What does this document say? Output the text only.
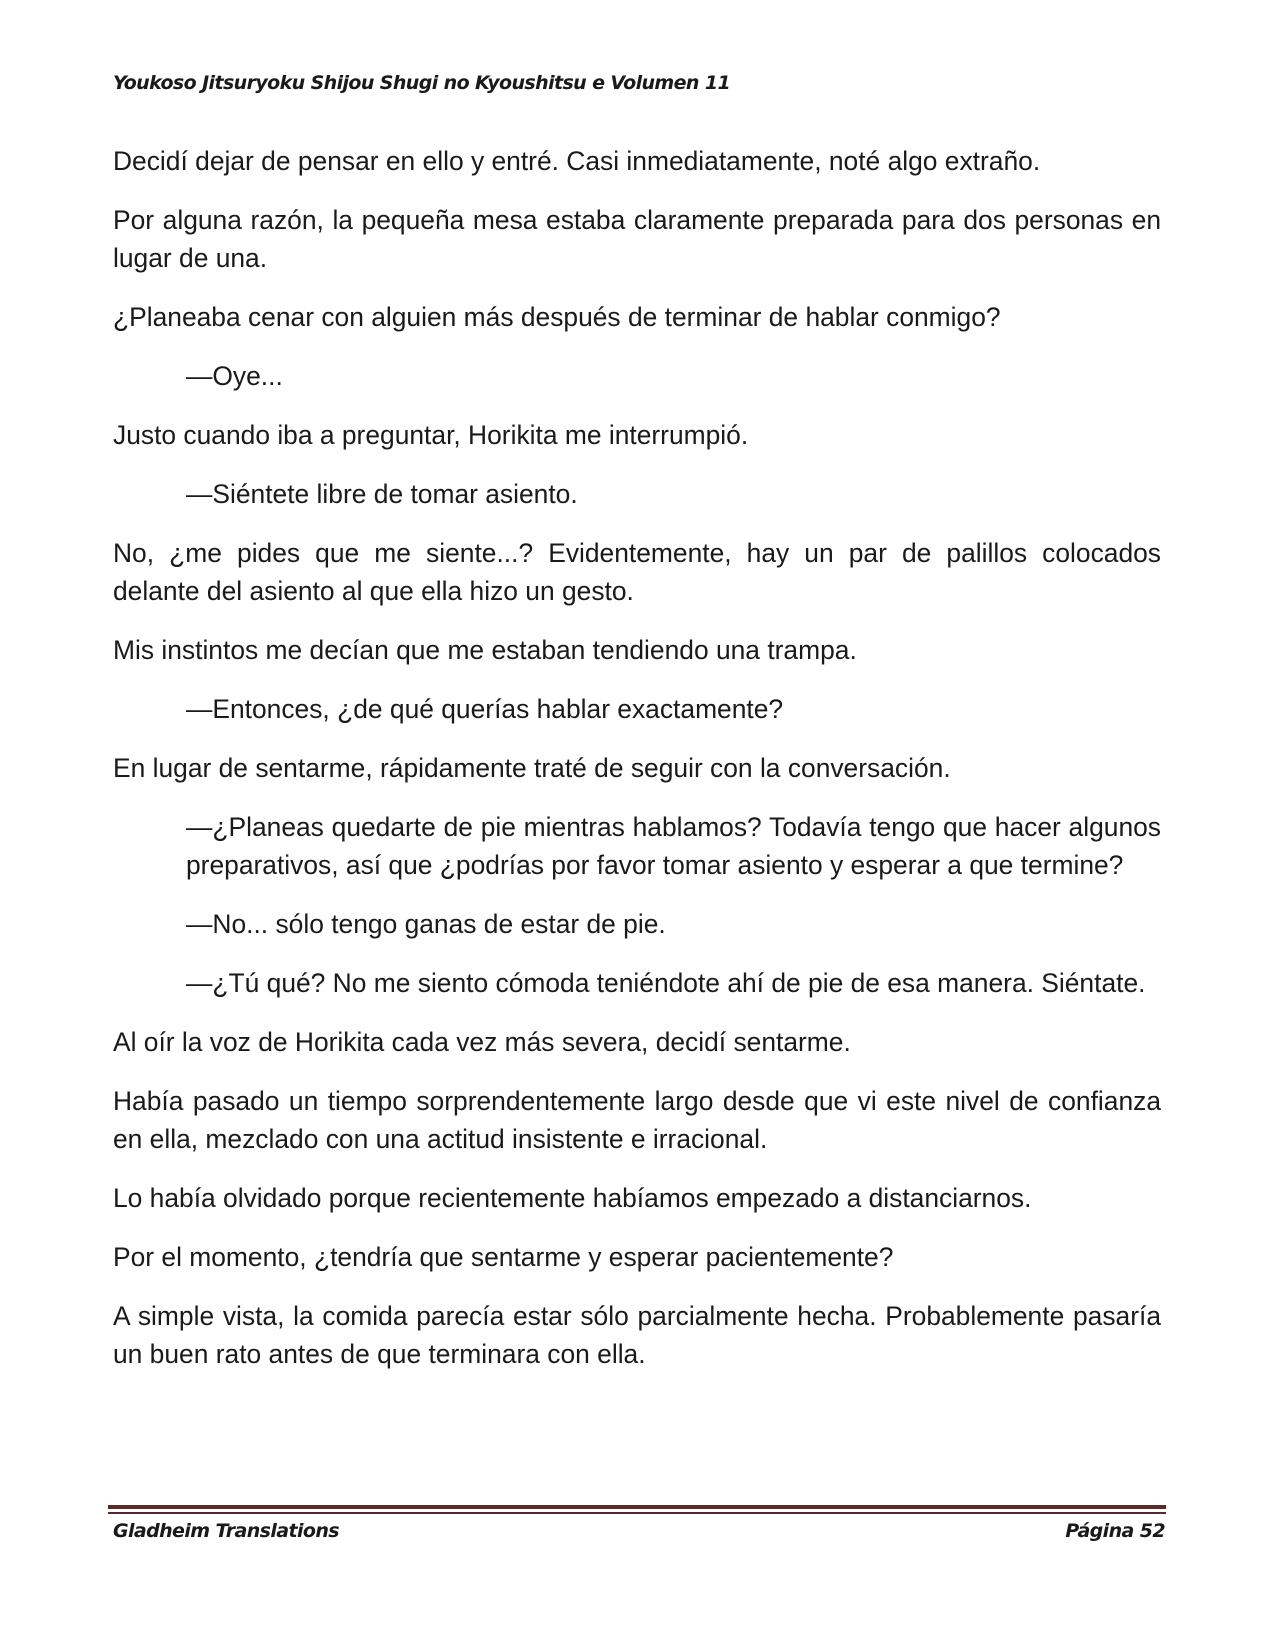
Youkoso Jitsuryoku Shijou Shugi no Kyoushitsu e Volumen 11

Decidí dejar de pensar en ello y entré. Casi inmediatamente, noté algo extraño.

Por alguna razón, la pequeña mesa estaba claramente preparada para dos personas en lugar de una.

¿Planeaba cenar con alguien más después de terminar de hablar conmigo?

—Oye...

Justo cuando iba a preguntar, Horikita me interrumpió.

—Siéntete libre de tomar asiento.

No, ¿me pides que me siente...? Evidentemente, hay un par de palillos colocados delante del asiento al que ella hizo un gesto.

Mis instintos me decían que me estaban tendiendo una trampa.

—Entonces, ¿de qué querías hablar exactamente?

En lugar de sentarme, rápidamente traté de seguir con la conversación.

—¿Planeas quedarte de pie mientras hablamos? Todavía tengo que hacer algunos preparativos, así que ¿podrías por favor tomar asiento y esperar a que termine?

—No... sólo tengo ganas de estar de pie.

—¿Tú qué? No me siento cómoda teniéndote ahí de pie de esa manera. Siéntate.

Al oír la voz de Horikita cada vez más severa, decidí sentarme.

Había pasado un tiempo sorprendentemente largo desde que vi este nivel de confianza en ella, mezclado con una actitud insistente e irracional.

Lo había olvidado porque recientemente habíamos empezado a distanciarnos.

Por el momento, ¿tendría que sentarme y esperar pacientemente?

A simple vista, la comida parecía estar sólo parcialmente hecha. Probablemente pasaría un buen rato antes de que terminara con ella.

Gladheim Translations	Página 52
